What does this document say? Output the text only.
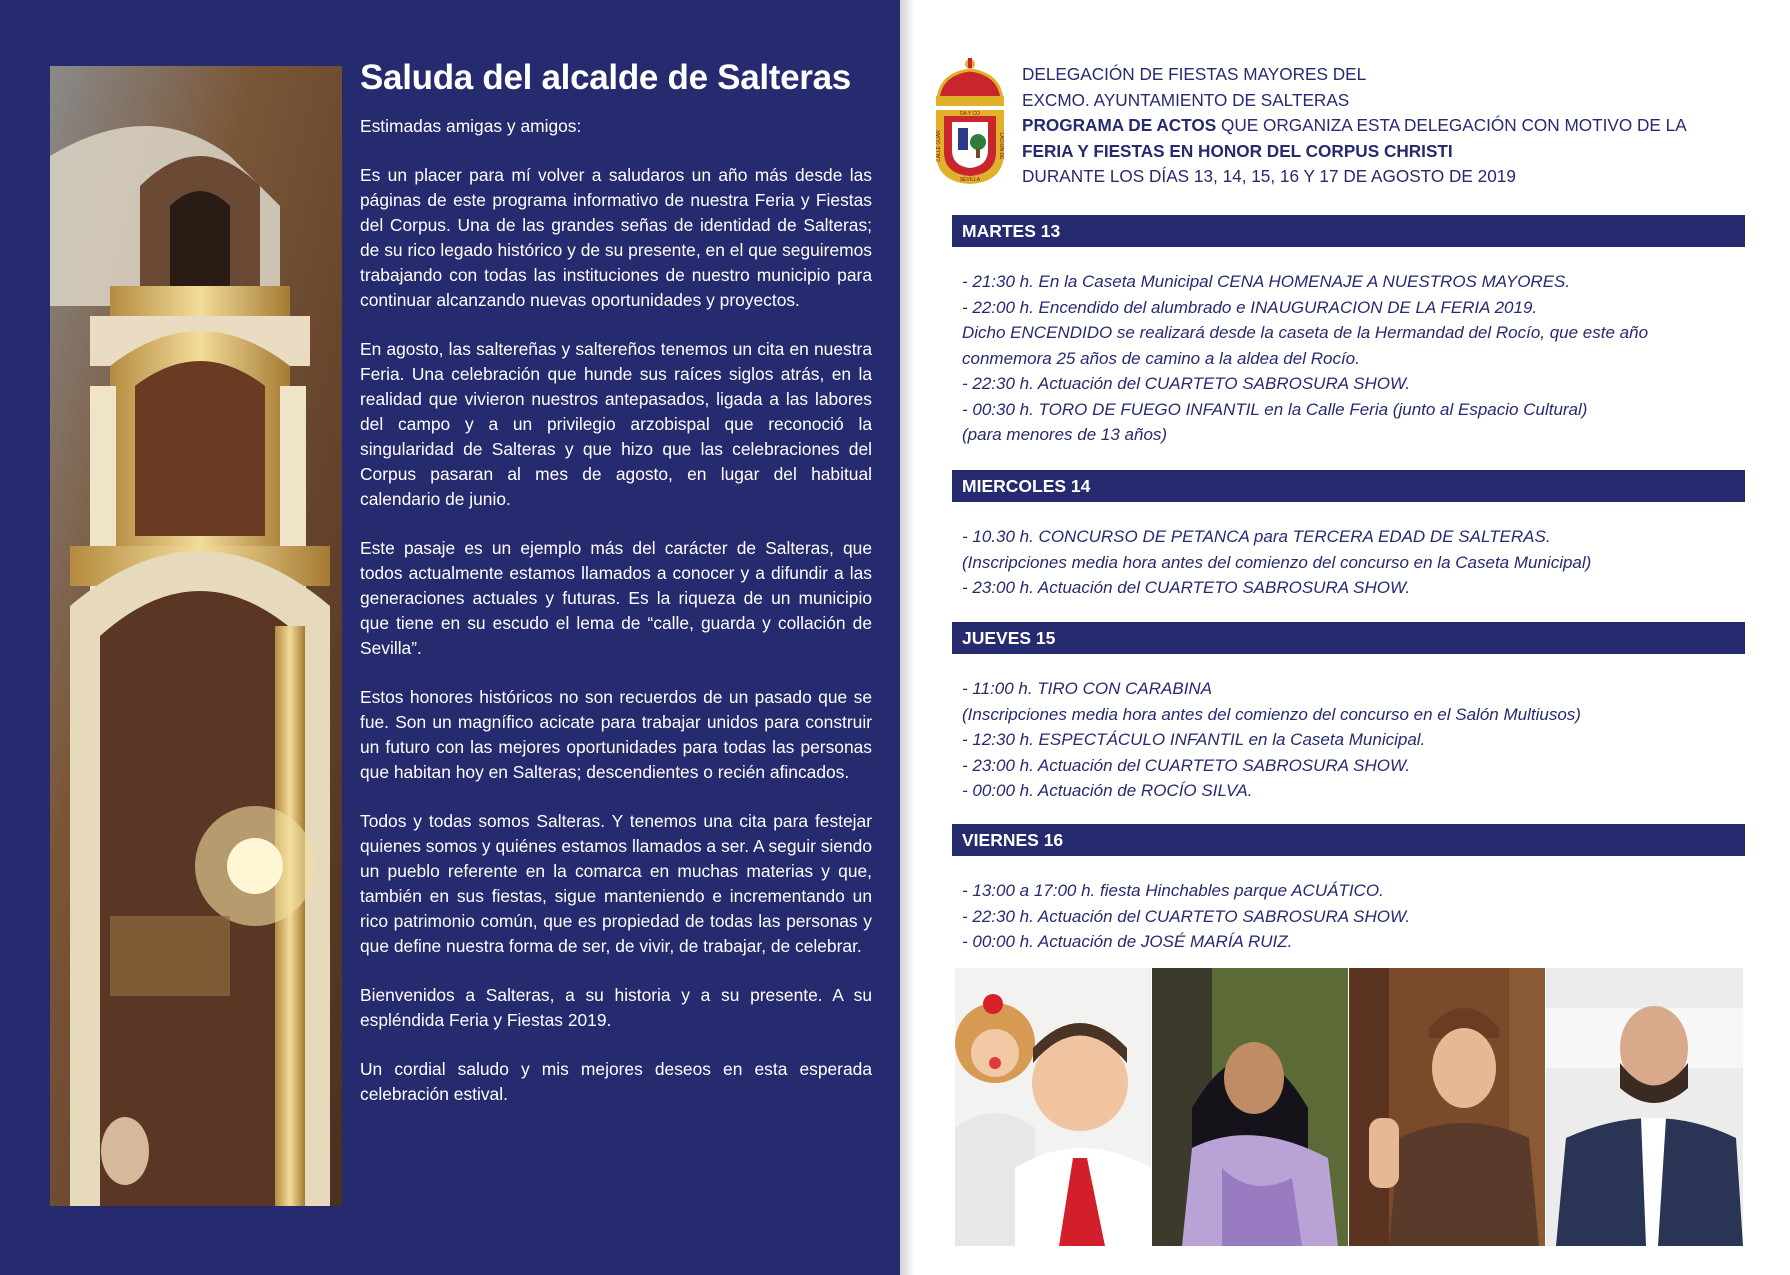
Saluda del alcalde de Salteras
Estimadas amigas y amigos:

Es un placer para mí volver a saludaros un año más desde las páginas de este programa informativo de nuestra Feria y Fiestas del Corpus. Una de las grandes señas de identidad de Salteras; de su rico legado histórico y de su presente, en el que seguiremos trabajando con todas las instituciones de nuestro municipio para continuar alcanzando nuevas oportunidades y proyectos.

En agosto, las saltereñas y saltereños tenemos un cita en nuestra Feria. Una celebración que hunde sus raíces siglos atrás, en la realidad que vivieron nuestros antepasados, ligada a las labores del campo y a un privilegio arzobispal que reconoció la singularidad de Salteras y que hizo que las celebraciones del Corpus pasaran al mes de agosto, en lugar del habitual calendario de junio.

Este pasaje es un ejemplo más del carácter de Salteras, que todos actualmente estamos llamados a conocer y a difundir a las generaciones actuales y futuras. Es la riqueza de un municipio que tiene en su escudo el lema de “calle, guarda y collación de Sevilla”.

Estos honores históricos no son recuerdos de un pasado que se fue. Son un magnífico acicate para trabajar unidos para construir un futuro con las mejores oportunidades para todas las personas que habitan hoy en Salteras; descendientes o recién afincados.

Todos y todas somos Salteras. Y tenemos una cita para festejar quienes somos y quiénes estamos llamados a ser. A seguir siendo un pueblo referente en la comarca en muchas materias y que, también en sus fiestas, sigue manteniendo e incrementando un rico patrimonio común, que es propiedad de todas las personas y que define nuestra forma de ser, de vivir, de trabajar, de celebrar.

Bienvenidos a Salteras, a su historia y a su presente. A su espléndida Feria y Fiestas 2019.

Un cordial saludo y mis mejores deseos en esta esperada celebración estival.

DA Y CO
CALLE GUAR	LACION DE
SEVILLA
DELEGACIÓN DE FIESTAS MAYORES DEL
EXCMO. AYUNTAMIENTO DE SALTERAS
PROGRAMA DE ACTOS QUE ORGANIZA ESTA DELEGACIÓN CON MOTIVO DE LA
FERIA Y FIESTAS EN HONOR DEL CORPUS CHRISTI
DURANTE LOS DÍAS 13, 14, 15, 16 Y 17 DE AGOSTO DE 2019
MARTES 13
- 21:30 h. En la Caseta Municipal CENA HOMENAJE A NUESTROS MAYORES.
- 22:00 h. Encendido del alumbrado e INAUGURACION DE LA FERIA 2019.
Dicho ENCENDIDO se realizará desde la caseta de la Hermandad del Rocío, que este año
conmemora 25 años de camino a la aldea del Rocío.
- 22:30 h. Actuación del CUARTETO SABROSURA SHOW.
- 00:30 h. TORO DE FUEGO INFANTIL en la Calle Feria (junto al Espacio Cultural)
(para menores de 13 años)
MIERCOLES 14
- 10.30 h. CONCURSO DE PETANCA para TERCERA EDAD DE SALTERAS.
(Inscripciones media hora antes del comienzo del concurso en la Caseta Municipal)
- 23:00 h. Actuación del CUARTETO SABROSURA SHOW.
JUEVES 15
- 11:00 h. TIRO CON CARABINA
(Inscripciones media hora antes del comienzo del concurso en el Salón Multiusos)
- 12:30 h. ESPECTÁCULO INFANTIL en la Caseta Municipal.
- 23:00 h. Actuación del CUARTETO SABROSURA SHOW.
- 00:00 h. Actuación de ROCÍO SILVA.
VIERNES 16
- 13:00 a 17:00 h. fiesta Hinchables parque ACUÁTICO.
- 22:30 h. Actuación del CUARTETO SABROSURA SHOW.
- 00:00 h. Actuación de JOSÉ MARÍA RUIZ.
